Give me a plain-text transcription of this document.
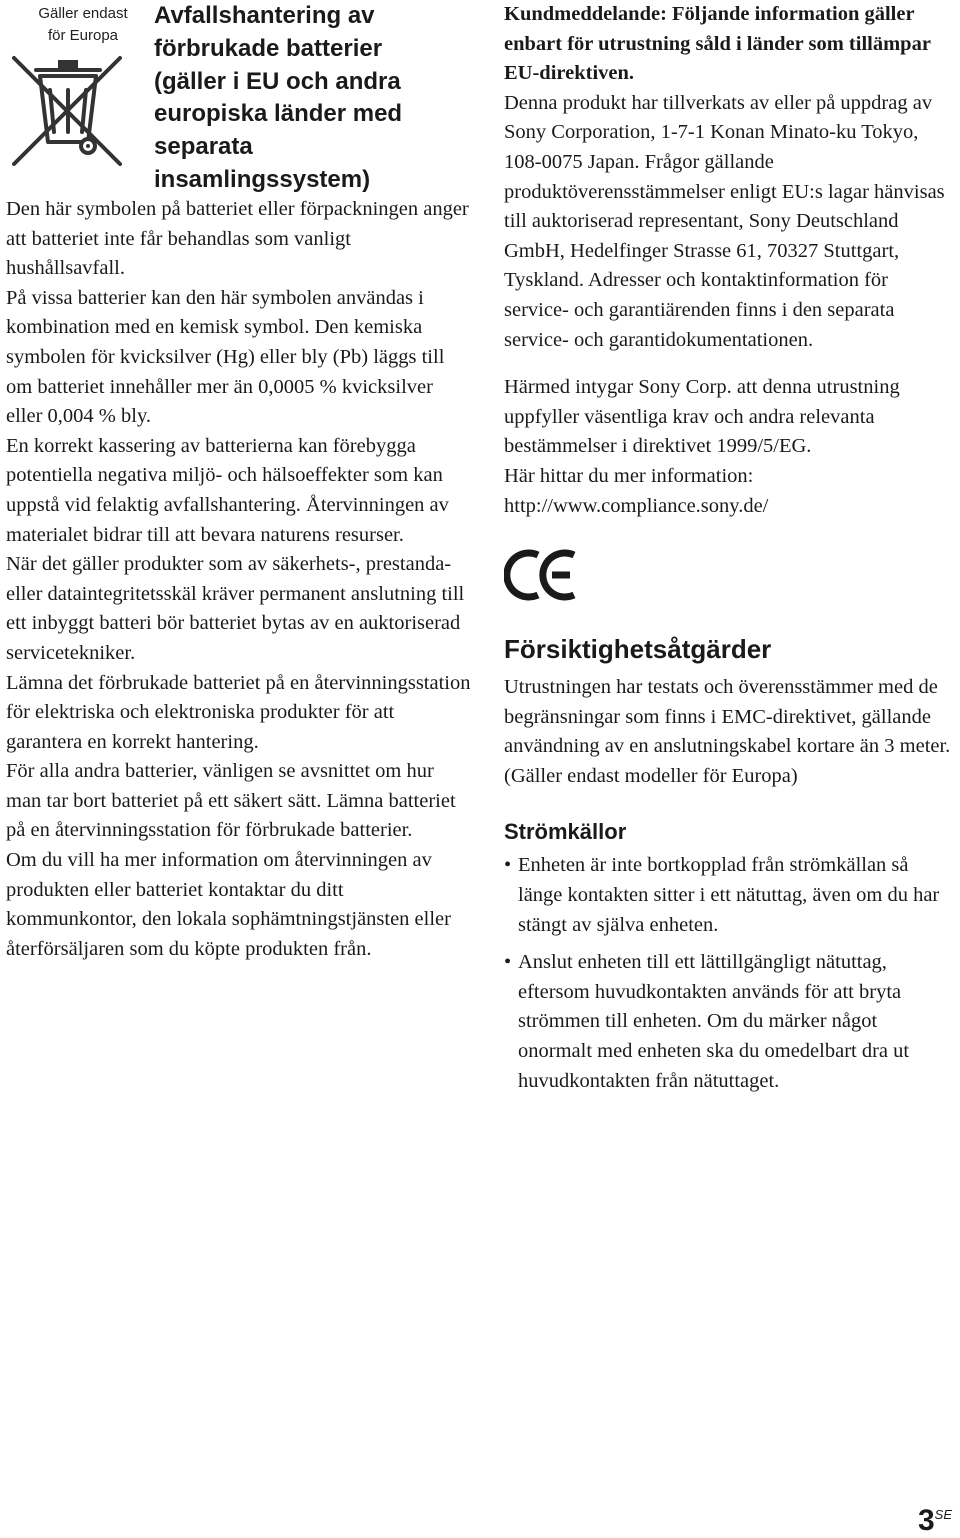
Gäller endast för Europa
Avfallshantering av förbrukade batterier (gäller i EU och andra europiska länder med separata insamlingssystem)

Den här symbolen på batteriet eller förpackningen anger att batteriet inte får behandlas som vanligt hushållsavfall.

På vissa batterier kan den här symbolen användas i kombination med en kemisk symbol. Den kemiska symbolen för kvicksilver (Hg) eller bly (Pb) läggs till om batteriet innehåller mer än 0,0005 % kvicksilver eller 0,004 % bly.

En korrekt kassering av batterierna kan förebygga potentiella negativa miljö- och hälsoeffekter som kan uppstå vid felaktig avfallshantering. Återvinningen av materialet bidrar till att bevara naturens resurser.

När det gäller produkter som av säkerhets-, prestanda- eller dataintegritetsskäl kräver permanent anslutning till ett inbyggt batteri bör batteriet bytas av en auktoriserad servicetekniker.

Lämna det förbrukade batteriet på en återvinningsstation för elektriska och elektroniska produkter för att garantera en korrekt hantering.

För alla andra batterier, vänligen se avsnittet om hur man tar bort batteriet på ett säkert sätt. Lämna batteriet på en återvinningsstation för förbrukade batterier.

Om du vill ha mer information om återvinningen av produkten eller batteriet kontaktar du ditt kommunkontor, den lokala sophämtningstjänsten eller återförsäljaren som du köpte produkten från.

Kundmeddelande: Följande information gäller enbart för utrustning såld i länder som tillämpar EU-direktiven.

Denna produkt har tillverkats av eller på uppdrag av Sony Corporation, 1-7-1 Konan Minato-ku Tokyo, 108-0075 Japan. Frågor gällande produktöverensstämmelser enligt EU:s lagar hänvisas till auktoriserad representant, Sony Deutschland GmbH, Hedelfinger Strasse 61, 70327 Stuttgart, Tyskland. Adresser och kontaktinformation för service- och garantiärenden finns i den separata service- och garantidokumentationen.

Härmed intygar Sony Corp. att denna utrustning uppfyller väsentliga krav och andra relevanta bestämmelser i direktivet 1999/5/EG.

Här hittar du mer information:

http://www.compliance.sony.de/

CE
Försiktighetsåtgärder

Utrustningen har testats och överensstämmer med de begränsningar som finns i EMC-direktivet, gällande användning av en anslutningskabel kortare än 3 meter. (Gäller endast modeller för Europa)

Strömkällor
• Enheten är inte bortkopplad från strömkällan så länge kontakten sitter i ett nätuttag, även om du har stängt av själva enheten.
• Anslut enheten till ett lättillgängligt nätuttag, eftersom huvudkontakten används för att bryta strömmen till enheten. Om du märker något onormalt med enheten ska du omedelbart dra ut huvudkontakten från nätuttaget.
$3^{SE}$
